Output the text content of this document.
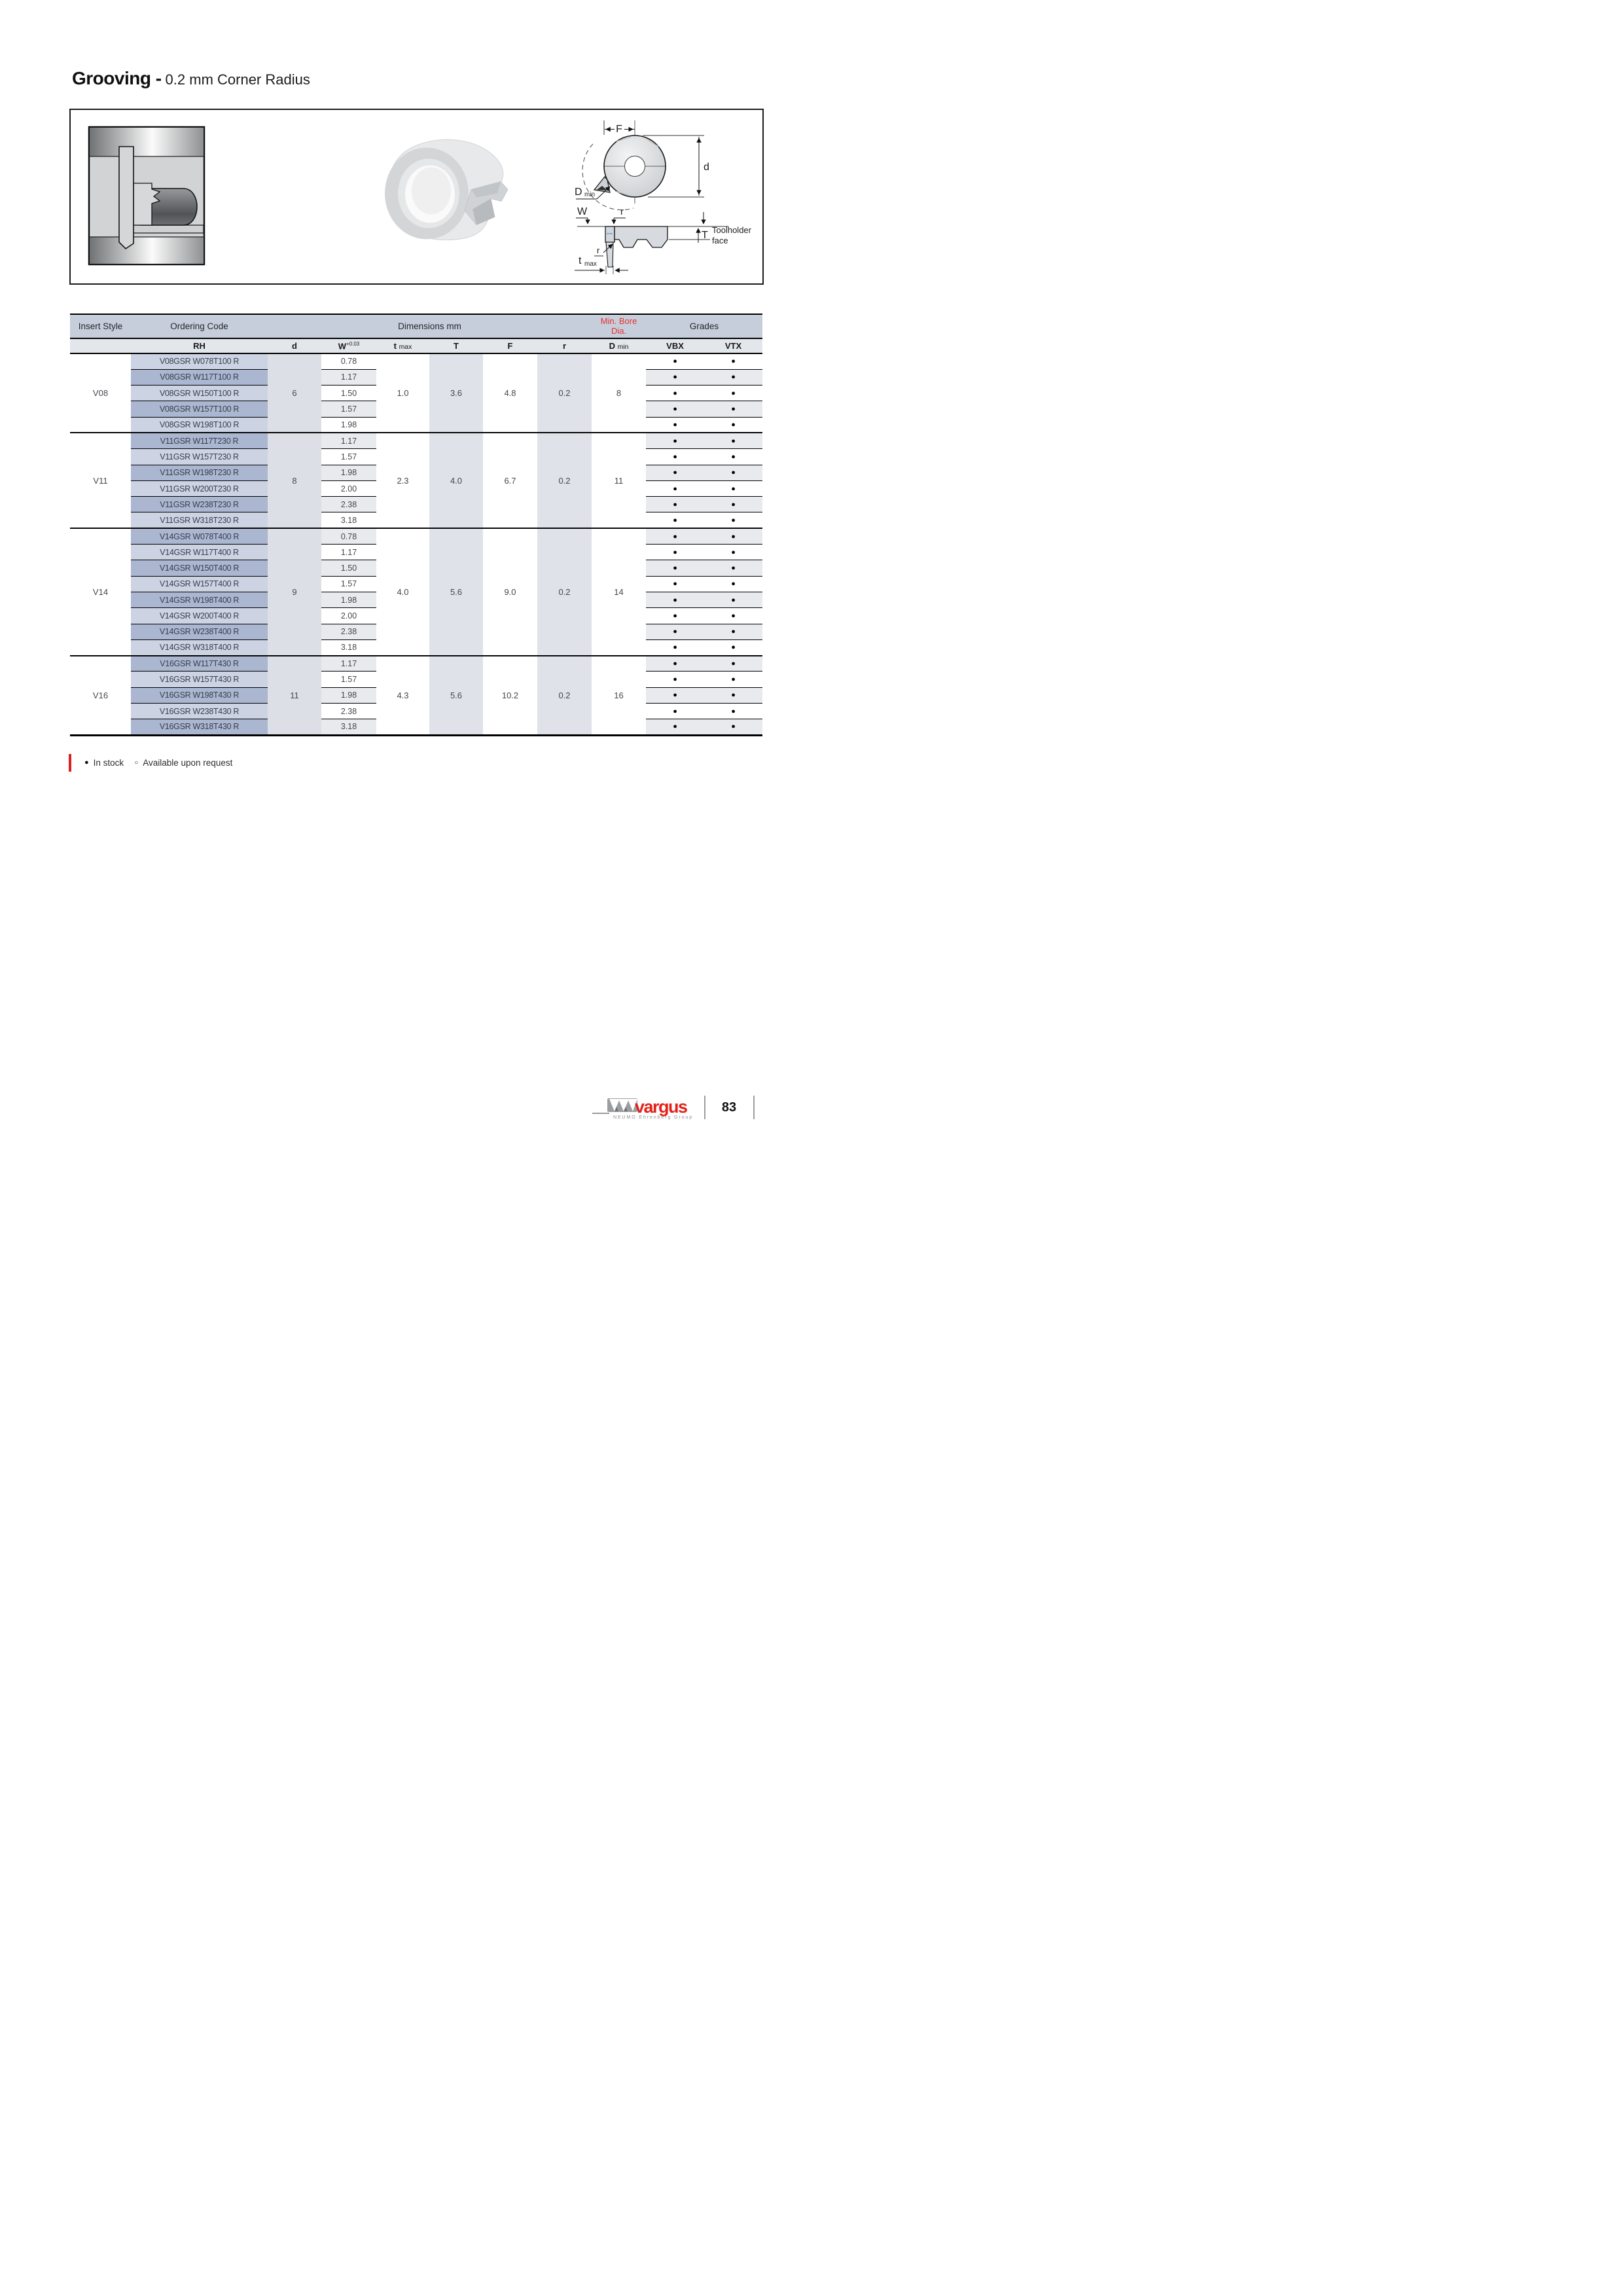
Grooving - 0.2 mm Corner Radius
F
d
D min
W	r
r
t max
T Toolholder
face
Insert Style	Ordering Code	Dimensions mm						Min. Bore
Dia.	Grades	
	RH	d	$W^{+0.03}$	t max	T	F	r	D min	VBX	VTX
V08	V08GSR W078T100 R	6	0.78	1.0	3.6	4.8	0.2	8	●	●
	V08GSR W117T100 R		1.17						●	●
	V08GSR W150T100 R		1.50						●	●
	V08GSR W157T100 R		1.57						●	●
	V08GSR W198T100 R		1.98						●	●
V11	V11GSR W117T230 R	8	1.17	2.3	4.0	6.7	0.2	11	●	●
	V11GSR W157T230 R		1.57						●	●
	V11GSR W198T230 R		1.98						●	●
	V11GSR W200T230 R		2.00						●	●
	V11GSR W238T230 R		2.38						●	●
	V11GSR W318T230 R		3.18						●	●
V14	V14GSR W078T400 R	9	0.78	4.0	5.6	9.0	0.2	14	●	●
	V14GSR W117T400 R		1.17						●	●
	V14GSR W150T400 R		1.50						●	●
	V14GSR W157T400 R		1.57						●	●
	V14GSR W198T400 R		1.98						●	●
	V14GSR W200T400 R		2.00						●	●
	V14GSR W238T400 R		2.38						●	●
	V14GSR W318T400 R		3.18						●	●
V16	V16GSR W117T430 R	11	1.17	4.3	5.6	10.2	0.2	16	●	●
	V16GSR W157T430 R		1.57						●	●
	V16GSR W198T430 R		1.98						●	●
	V16GSR W238T430 R		2.38						●	●
	V16GSR W318T430 R		3.18						●	●
● In stock ○ Available upon request
vargus
NEUMO Ehrenberg Group
83
